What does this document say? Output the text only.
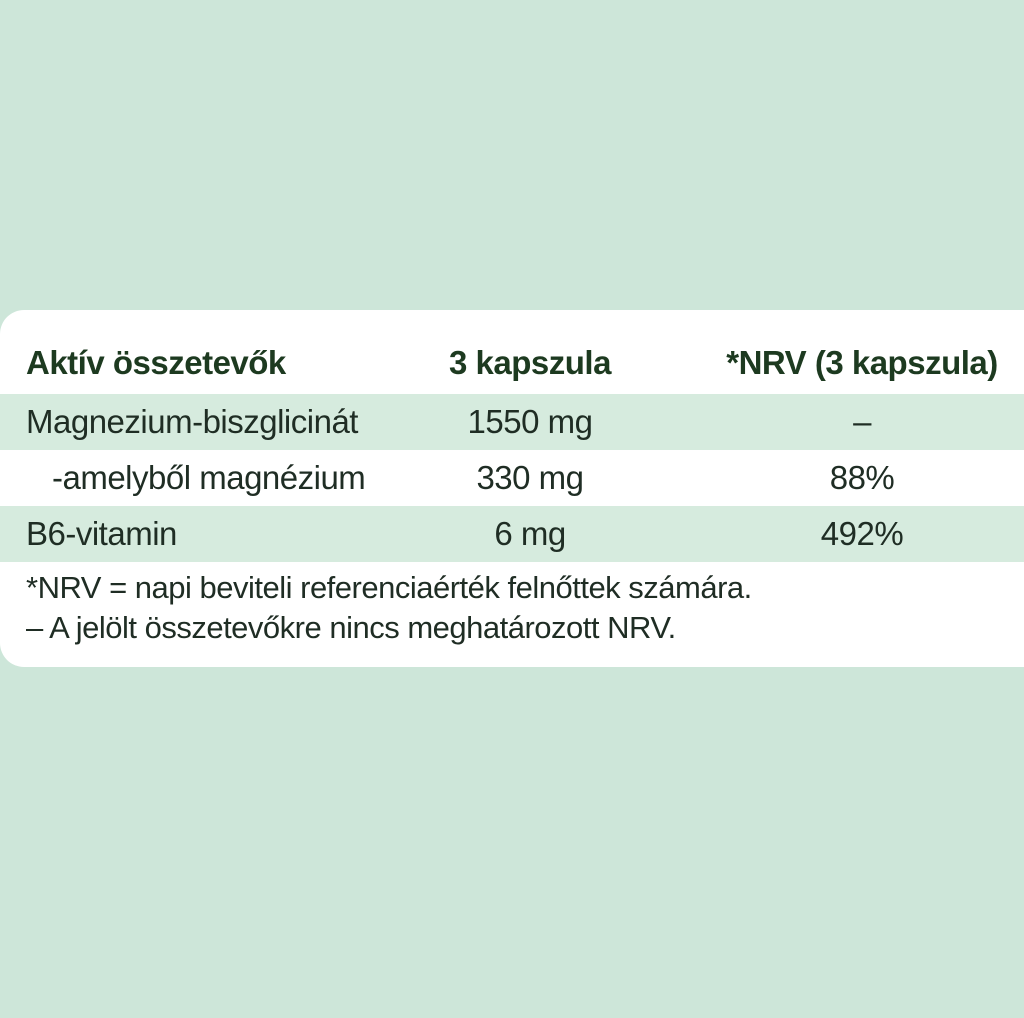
Aktív összetevők	3 kapszula	*NRV (3 kapszula)
Magnezium-biszglicinát	1550 mg	–
-amelyből magnézium	330 mg	88%
B6-vitamin	6 mg	492%
*NRV = napi beviteli referenciaérték felnőttek számára.
– A jelölt összetevőkre nincs meghatározott NRV.
